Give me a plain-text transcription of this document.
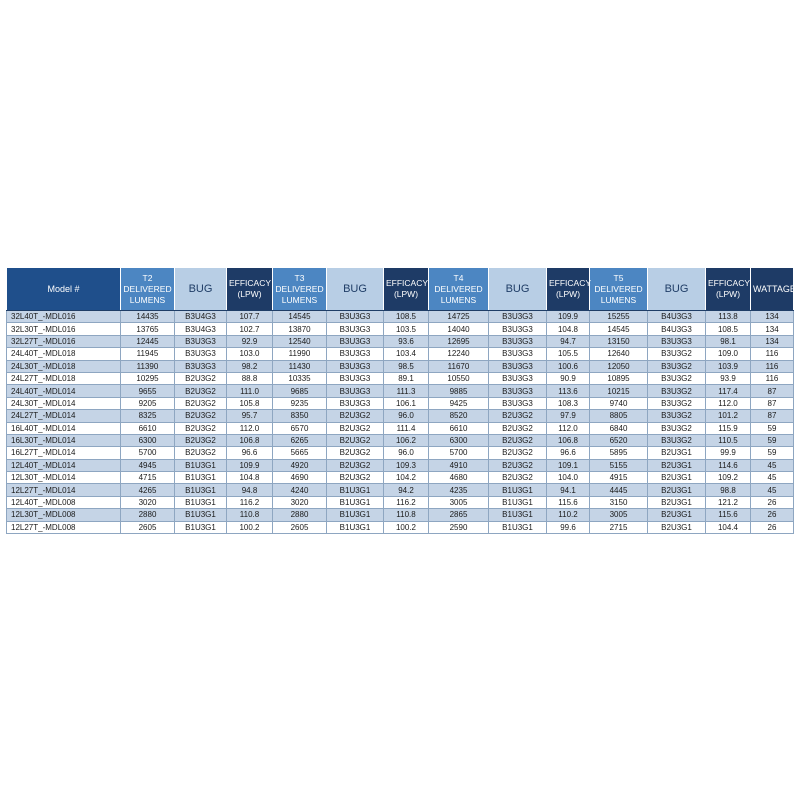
Model #	T2 DELIVERED LUMENS	BUG	EFFICACY (LPW)	T3 DELIVERED LUMENS	BUG	EFFICACY (LPW)	T4 DELIVERED LUMENS	BUG	EFFICACY (LPW)	T5 DELIVERED LUMENS	BUG	EFFICACY (LPW)	WATTAGE
32L40T_-MDL016	14435	B3U4G3	107.7	14545	B3U3G3	108.5	14725	B3U3G3	109.9	15255	B4U3G3	113.8	134
32L30T_-MDL016	13765	B3U4G3	102.7	13870	B3U3G3	103.5	14040	B3U3G3	104.8	14545	B4U3G3	108.5	134
32L27T_-MDL016	12445	B3U3G3	92.9	12540	B3U3G3	93.6	12695	B3U3G3	94.7	13150	B3U3G3	98.1	134
24L40T_-MDL018	11945	B3U3G3	103.0	11990	B3U3G3	103.4	12240	B3U3G3	105.5	12640	B3U3G2	109.0	116
24L30T_-MDL018	11390	B3U3G3	98.2	11430	B3U3G3	98.5	11670	B3U3G3	100.6	12050	B3U3G2	103.9	116
24L27T_-MDL018	10295	B2U3G2	88.8	10335	B3U3G3	89.1	10550	B3U3G3	90.9	10895	B3U3G2	93.9	116
24L40T_-MDL014	9655	B2U3G2	111.0	9685	B3U3G3	111.3	9885	B3U3G3	113.6	10215	B3U3G2	117.4	87
24L30T_-MDL014	9205	B2U3G2	105.8	9235	B3U3G3	106.1	9425	B3U3G3	108.3	9740	B3U3G2	112.0	87
24L27T_-MDL014	8325	B2U3G2	95.7	8350	B2U3G2	96.0	8520	B2U3G2	97.9	8805	B3U3G2	101.2	87
16L40T_-MDL014	6610	B2U3G2	112.0	6570	B2U3G2	111.4	6610	B2U3G2	112.0	6840	B3U3G2	115.9	59
16L30T_-MDL014	6300	B2U3G2	106.8	6265	B2U3G2	106.2	6300	B2U3G2	106.8	6520	B3U3G2	110.5	59
16L27T_-MDL014	5700	B2U3G2	96.6	5665	B2U3G2	96.0	5700	B2U3G2	96.6	5895	B2U3G1	99.9	59
12L40T_-MDL014	4945	B1U3G1	109.9	4920	B2U3G2	109.3	4910	B2U3G2	109.1	5155	B2U3G1	114.6	45
12L30T_-MDL014	4715	B1U3G1	104.8	4690	B2U3G2	104.2	4680	B2U3G2	104.0	4915	B2U3G1	109.2	45
12L27T_-MDL014	4265	B1U3G1	94.8	4240	B1U3G1	94.2	4235	B1U3G1	94.1	4445	B2U3G1	98.8	45
12L40T_-MDL008	3020	B1U3G1	116.2	3020	B1U3G1	116.2	3005	B1U3G1	115.6	3150	B2U3G1	121.2	26
12L30T_-MDL008	2880	B1U3G1	110.8	2880	B1U3G1	110.8	2865	B1U3G1	110.2	3005	B2U3G1	115.6	26
12L27T_-MDL008	2605	B1U3G1	100.2	2605	B1U3G1	100.2	2590	B1U3G1	99.6	2715	B2U3G1	104.4	26
